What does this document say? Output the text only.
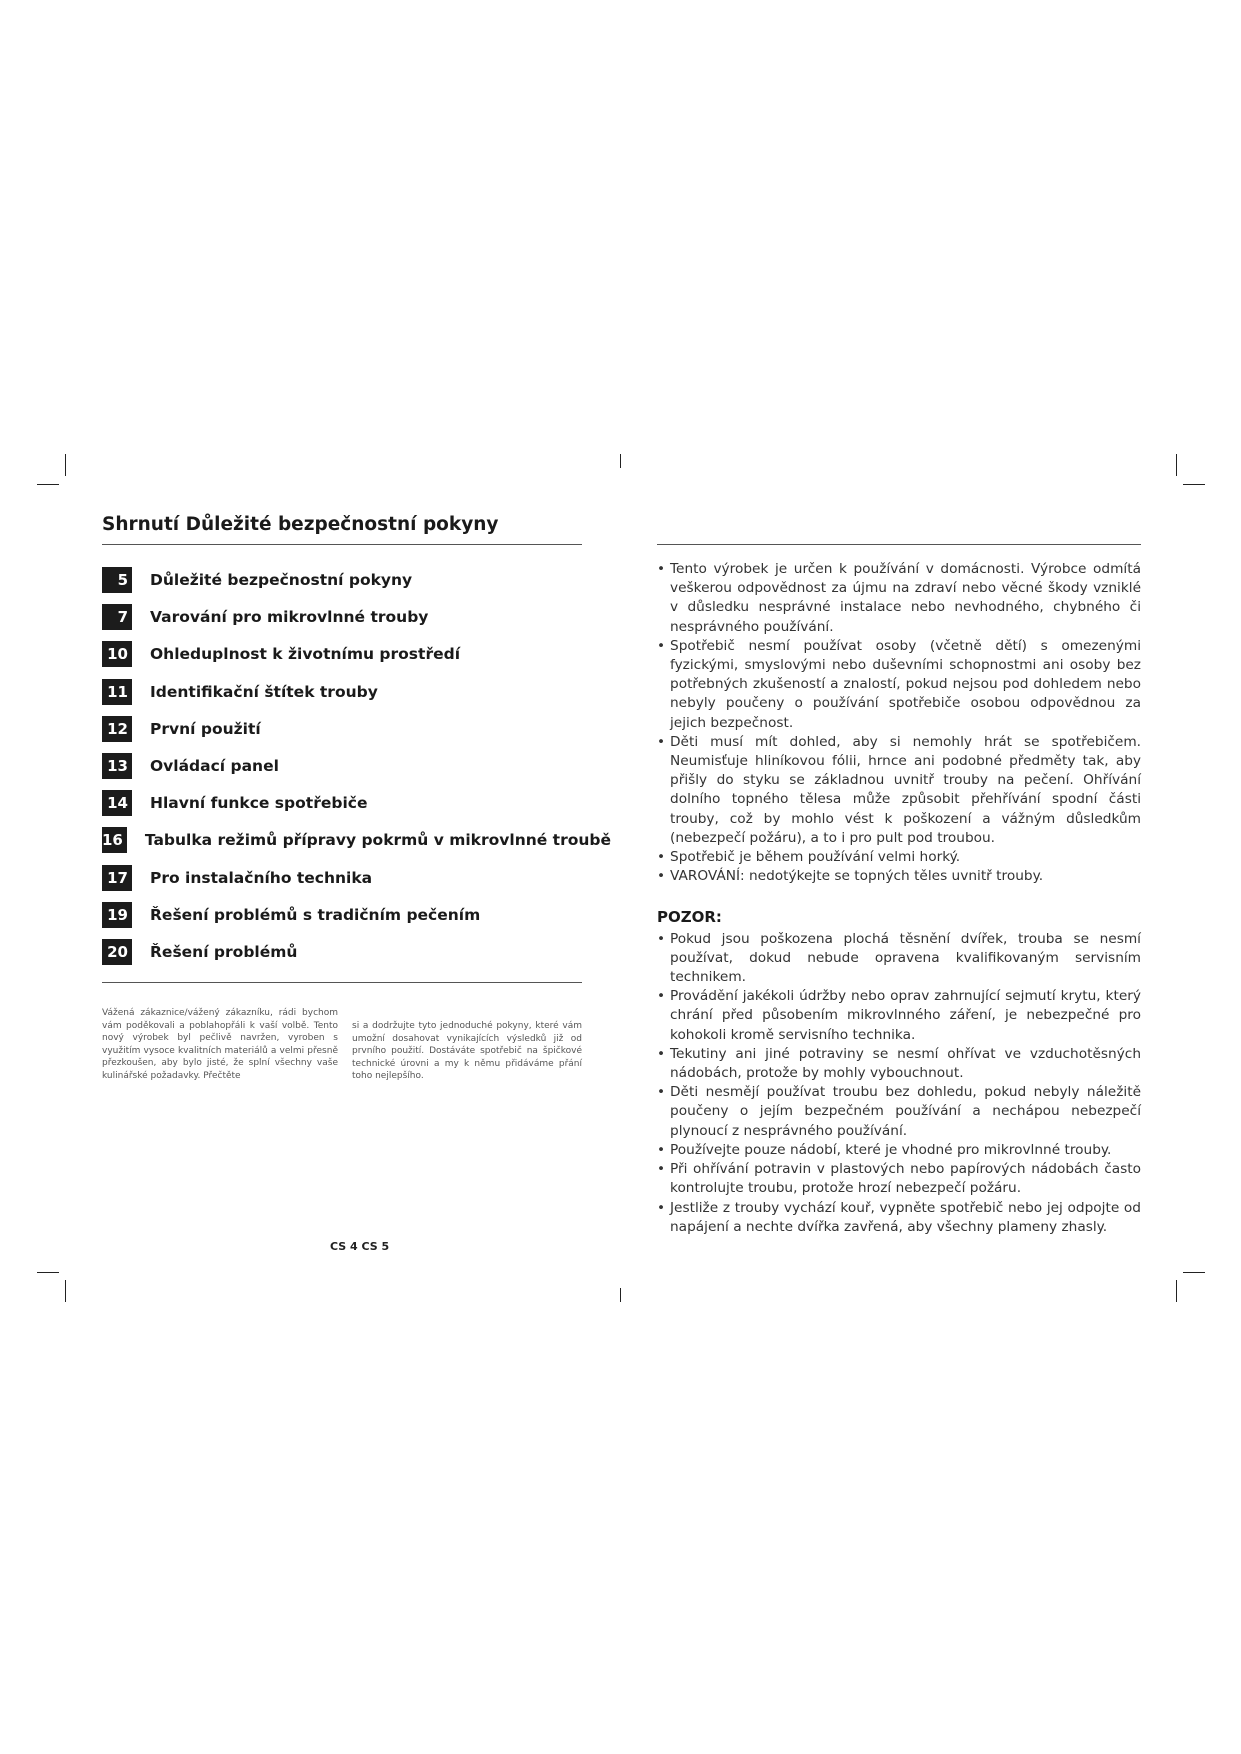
Shrnutí Důležité bezpečnostní pokyny
5 Důležité bezpečnostní pokyny
7 Varování pro mikrovlnné trouby
10 Ohleduplnost k životnímu prostředí
11 Identifikační štítek trouby
12 První použití
13 Ovládací panel
14 Hlavní funkce spotřebiče
16 Tabulka režimů přípravy pokrmů v mikrovlnné troubě
17 Pro instalačního technika
19 Řešení problémů s tradičním pečením
20 Řešení problémů

Vážená zákaznice/vážený zákazníku, rádi bychom vám poděkovali a poblahopřáli k vaší volbě. Tento nový výrobek byl pečlivě navržen, vyroben s využitím vysoce kvalitních materiálů a velmi přesně přezkoušen, aby bylo jisté, že splní všechny vaše kulinářské požadavky. Přečtěte

si a dodržujte tyto jednoduché pokyny, které vám umožní dosahovat vynikajících výsledků již od prvního použití. Dostáváte spotřebič na špičkové technické úrovni a my k němu přidáváme přání toho nejlepšího.

CS 4 CS 5
• Tento výrobek je určen k používání v domácnosti. Výrobce odmítá veškerou odpovědnost za újmu na zdraví nebo věcné škody vzniklé v důsledku nesprávné instalace nebo nevhodného, chybného či nesprávného používání.
• Spotřebič nesmí používat osoby (včetně dětí) s omezenými fyzickými, smyslovými nebo duševními schopnostmi ani osoby bez potřebných zkušeností a znalostí, pokud nejsou pod dohledem nebo nebyly poučeny o používání spotřebiče osobou odpovědnou za jejich bezpečnost.
• Děti musí mít dohled, aby si nemohly hrát se spotřebičem. Neumisťuje hliníkovou fólii, hrnce ani podobné předměty tak, aby přišly do styku se základnou uvnitř trouby na pečení. Ohřívání dolního topného tělesa může způsobit přehřívání spodní části trouby, což by mohlo vést k poškození a vážným důsledkům (nebezpečí požáru), a to i pro pult pod troubou.
• Spotřebič je během používání velmi horký.
• VAROVÁNÍ: nedotýkejte se topných těles uvnitř trouby.
POZOR:
• Pokud jsou poškozena plochá těsnění dvířek, trouba se nesmí používat, dokud nebude opravena kvalifikovaným servisním technikem.
• Provádění jakékoli údržby nebo oprav zahrnující sejmutí krytu, který chrání před působením mikrovlnného záření, je nebezpečné pro kohokoli kromě servisního technika.
• Tekutiny ani jiné potraviny se nesmí ohřívat ve vzduchotěsných nádobách, protože by mohly vybouchnout.
• Děti nesmějí používat troubu bez dohledu, pokud nebyly náležitě poučeny o jejím bezpečném používání a nechápou nebezpečí plynoucí z nesprávného používání.
• Používejte pouze nádobí, které je vhodné pro mikrovlnné trouby.
• Při ohřívání potravin v plastových nebo papírových nádobách často kontrolujte troubu, protože hrozí nebezpečí požáru.
• Jestliže z trouby vychází kouř, vypněte spotřebič nebo jej odpojte od napájení a nechte dvířka zavřená, aby všechny plameny zhasly.
